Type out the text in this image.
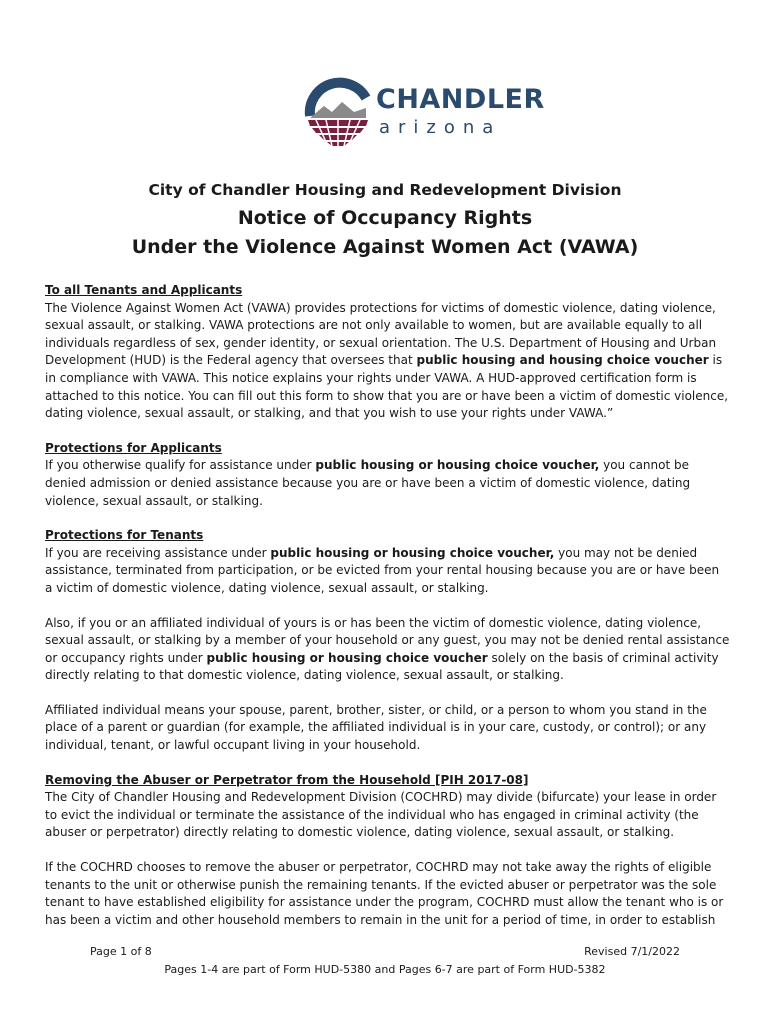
CHANDLER
arizona
City of Chandler Housing and Redevelopment Division
Notice of Occupancy Rights
Under the Violence Against Women Act (VAWA)
To all Tenants and Applicants

The Violence Against Women Act (VAWA) provides protections for victims of domestic violence, dating violence, sexual assault, or stalking. VAWA protections are not only available to women, but are available equally to all individuals regardless of sex, gender identity, or sexual orientation. The U.S. Department of Housing and Urban Development (HUD) is the Federal agency that oversees that public housing and housing choice voucher is in compliance with VAWA. This notice explains your rights under VAWA. A HUD-approved certification form is attached to this notice. You can fill out this form to show that you are or have been a victim of domestic violence, dating violence, sexual assault, or stalking, and that you wish to use your rights under VAWA.”

Protections for Applicants

If you otherwise qualify for assistance under public housing or housing choice voucher, you cannot be denied admission or denied assistance because you are or have been a victim of domestic violence, dating violence, sexual assault, or stalking.

Protections for Tenants

If you are receiving assistance under public housing or housing choice voucher, you may not be denied assistance, terminated from participation, or be evicted from your rental housing because you are or have been a victim of domestic violence, dating violence, sexual assault, or stalking.

Also, if you or an affiliated individual of yours is or has been the victim of domestic violence, dating violence, sexual assault, or stalking by a member of your household or any guest, you may not be denied rental assistance or occupancy rights under public housing or housing choice voucher solely on the basis of criminal activity directly relating to that domestic violence, dating violence, sexual assault, or stalking.

Affiliated individual means your spouse, parent, brother, sister, or child, or a person to whom you stand in the place of a parent or guardian (for example, the affiliated individual is in your care, custody, or control); or any individual, tenant, or lawful occupant living in your household.

Removing the Abuser or Perpetrator from the Household [PIH 2017-08]

The City of Chandler Housing and Redevelopment Division (COCHRD) may divide (bifurcate) your lease in order to evict the individual or terminate the assistance of the individual who has engaged in criminal activity (the abuser or perpetrator) directly relating to domestic violence, dating violence, sexual assault, or stalking.

If the COCHRD chooses to remove the abuser or perpetrator, COCHRD may not take away the rights of eligible tenants to the unit or otherwise punish the remaining tenants. If the evicted abuser or perpetrator was the sole tenant to have established eligibility for assistance under the program, COCHRD must allow the tenant who is or has been a victim and other household members to remain in the unit for a period of time, in order to establish

Page 1 of 8	Revised 7/1/2022
Pages 1-4 are part of Form HUD-5380 and Pages 6-7 are part of Form HUD-5382
